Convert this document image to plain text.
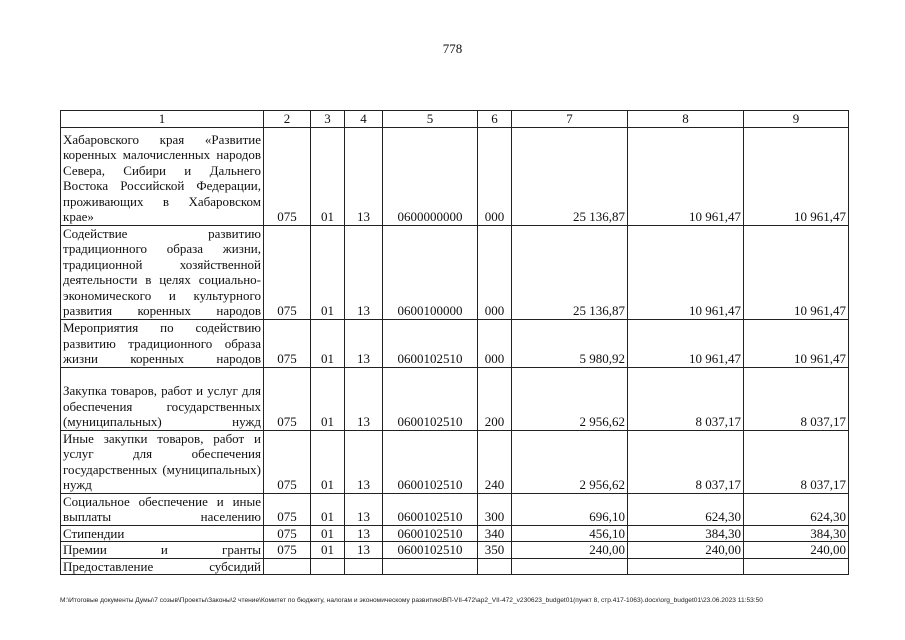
778
1	2	3	4	5	6	7	8	9
Хабаровского края «Развитие коренных малочисленных народов Севера, Сибири и Дальнего Востока Российской Федерации, проживающих в Хабаровском крае»	075	01	13	0600000000	000	25 136,87	10 961,47	10 961,47
Содействие развитию традиционного образа жизни, традиционной хозяйственной деятельности в целях социально-экономического и культурного развития коренных народов	075	01	13	0600100000	000	25 136,87	10 961,47	10 961,47
Мероприятия по содействию развитию традиционного образа жизни коренных народов	075	01	13	0600102510	000	5 980,92	10 961,47	10 961,47
Закупка товаров, работ и услуг для обеспечения государственных (муниципальных) нужд	075	01	13	0600102510	200	2 956,62	8 037,17	8 037,17
Иные закупки товаров, работ и услуг для обеспечения государственных (муниципальных) нужд	075	01	13	0600102510	240	2 956,62	8 037,17	8 037,17
Социальное обеспечение и иные выплаты населению	075	01	13	0600102510	300	696,10	624,30	624,30
Стипендии	075	01	13	0600102510	340	456,10	384,30	384,30
Премии и гранты	075	01	13	0600102510	350	240,00	240,00	240,00
Предоставление субсидий								
M:\Итоговые документы Думы\7 созыв\Проекты\Законы\2 чтение\Комитет по бюджету, налогам и экономическому развитию\ВП-VII-472\ap2_VII-472_v230623_budget01(пункт 8, стр.417-1063).docx\org_budget01\23.06.2023 11:53:50
